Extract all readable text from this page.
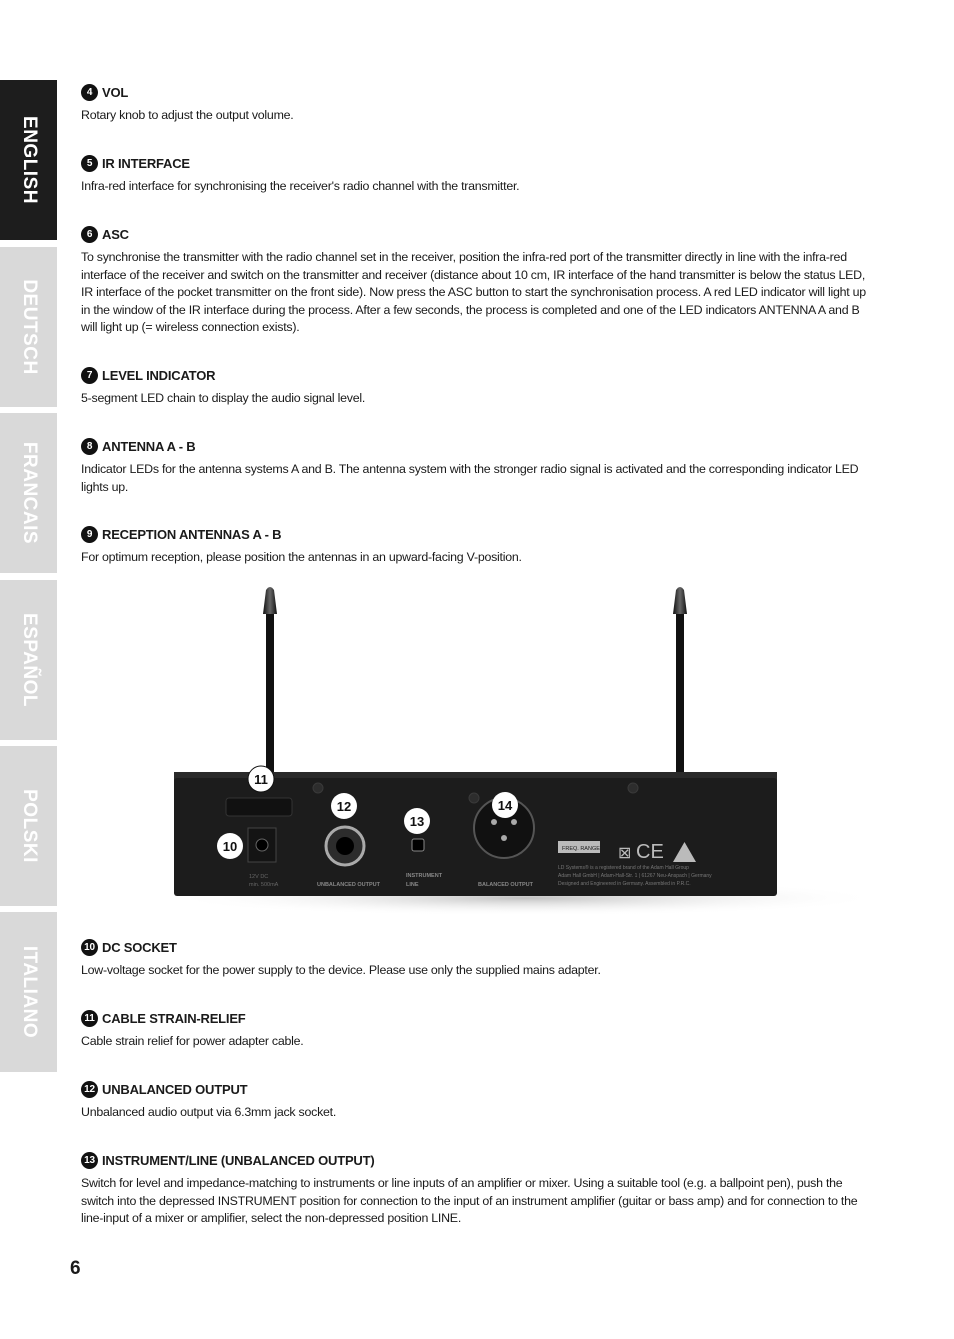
ENGLISH
DEUTSCH
FRANCAIS
ESPAÑOL
POLSKI
ITALIANO
4 VOL
Rotary knob to adjust the output volume.
5 IR INTERFACE
Infra-red interface for synchronising the receiver's radio channel with the transmitter.
6 ASC
To synchronise the transmitter with the radio channel set in the receiver, position the infra-red port of the transmitter directly in line with the infra-red interface of the receiver and switch on the transmitter and receiver (distance about 10 cm, IR interface of the hand transmitter is below the status LED, IR interface of the pocket transmitter on the front side). Now press the ASC button to start the synchronisation process. A red LED indicator will light up in the window of the IR interface during the process. After a few seconds, the process is completed and one of the LED indicators ANTENNA A and B will light up (= wireless connection exists).
7 LEVEL INDICATOR
5-segment LED chain to display the audio signal level.
8 ANTENNA A - B
Indicator LEDs for the antenna systems A and B. The antenna system with the stronger radio signal is activated and the corresponding indicator LED lights up.
9 RECEPTION ANTENNAS A - B
For optimum reception, please position the antennas in an upward-facing V-position.
FREQ. RANGE CE
⊠
12V DC
min. 500mA	UNBALANCED OUTPUT
INSTRUMENT
LINE	BALANCED OUTPUT
LD Systems® is a registered brand of the Adam Hall Group
Adam Hall GmbH | Adam-Hall-Str. 1 | 61267 Neu-Anspach | Germany
Designed and Engineered in Germany. Assembled in P.R.C.
11
12
13
14
10
10 DC SOCKET
Low-voltage socket for the power supply to the device. Please use only the supplied mains adapter.
11 CABLE STRAIN-RELIEF
Cable strain relief for power adapter cable.
12 UNBALANCED OUTPUT
Unbalanced audio output via 6.3mm jack socket.
13 INSTRUMENT/LINE (UNBALANCED OUTPUT)
Switch for level and impedance-matching to instruments or line inputs of an amplifier or mixer. Using a suitable tool (e.g. a ballpoint pen), push the switch into the depressed INSTRUMENT position for connection to the input of an instrument amplifier (guitar or bass amp) and for connection to the line-input of a mixer or amplifier, select the non-depressed position LINE.
6
